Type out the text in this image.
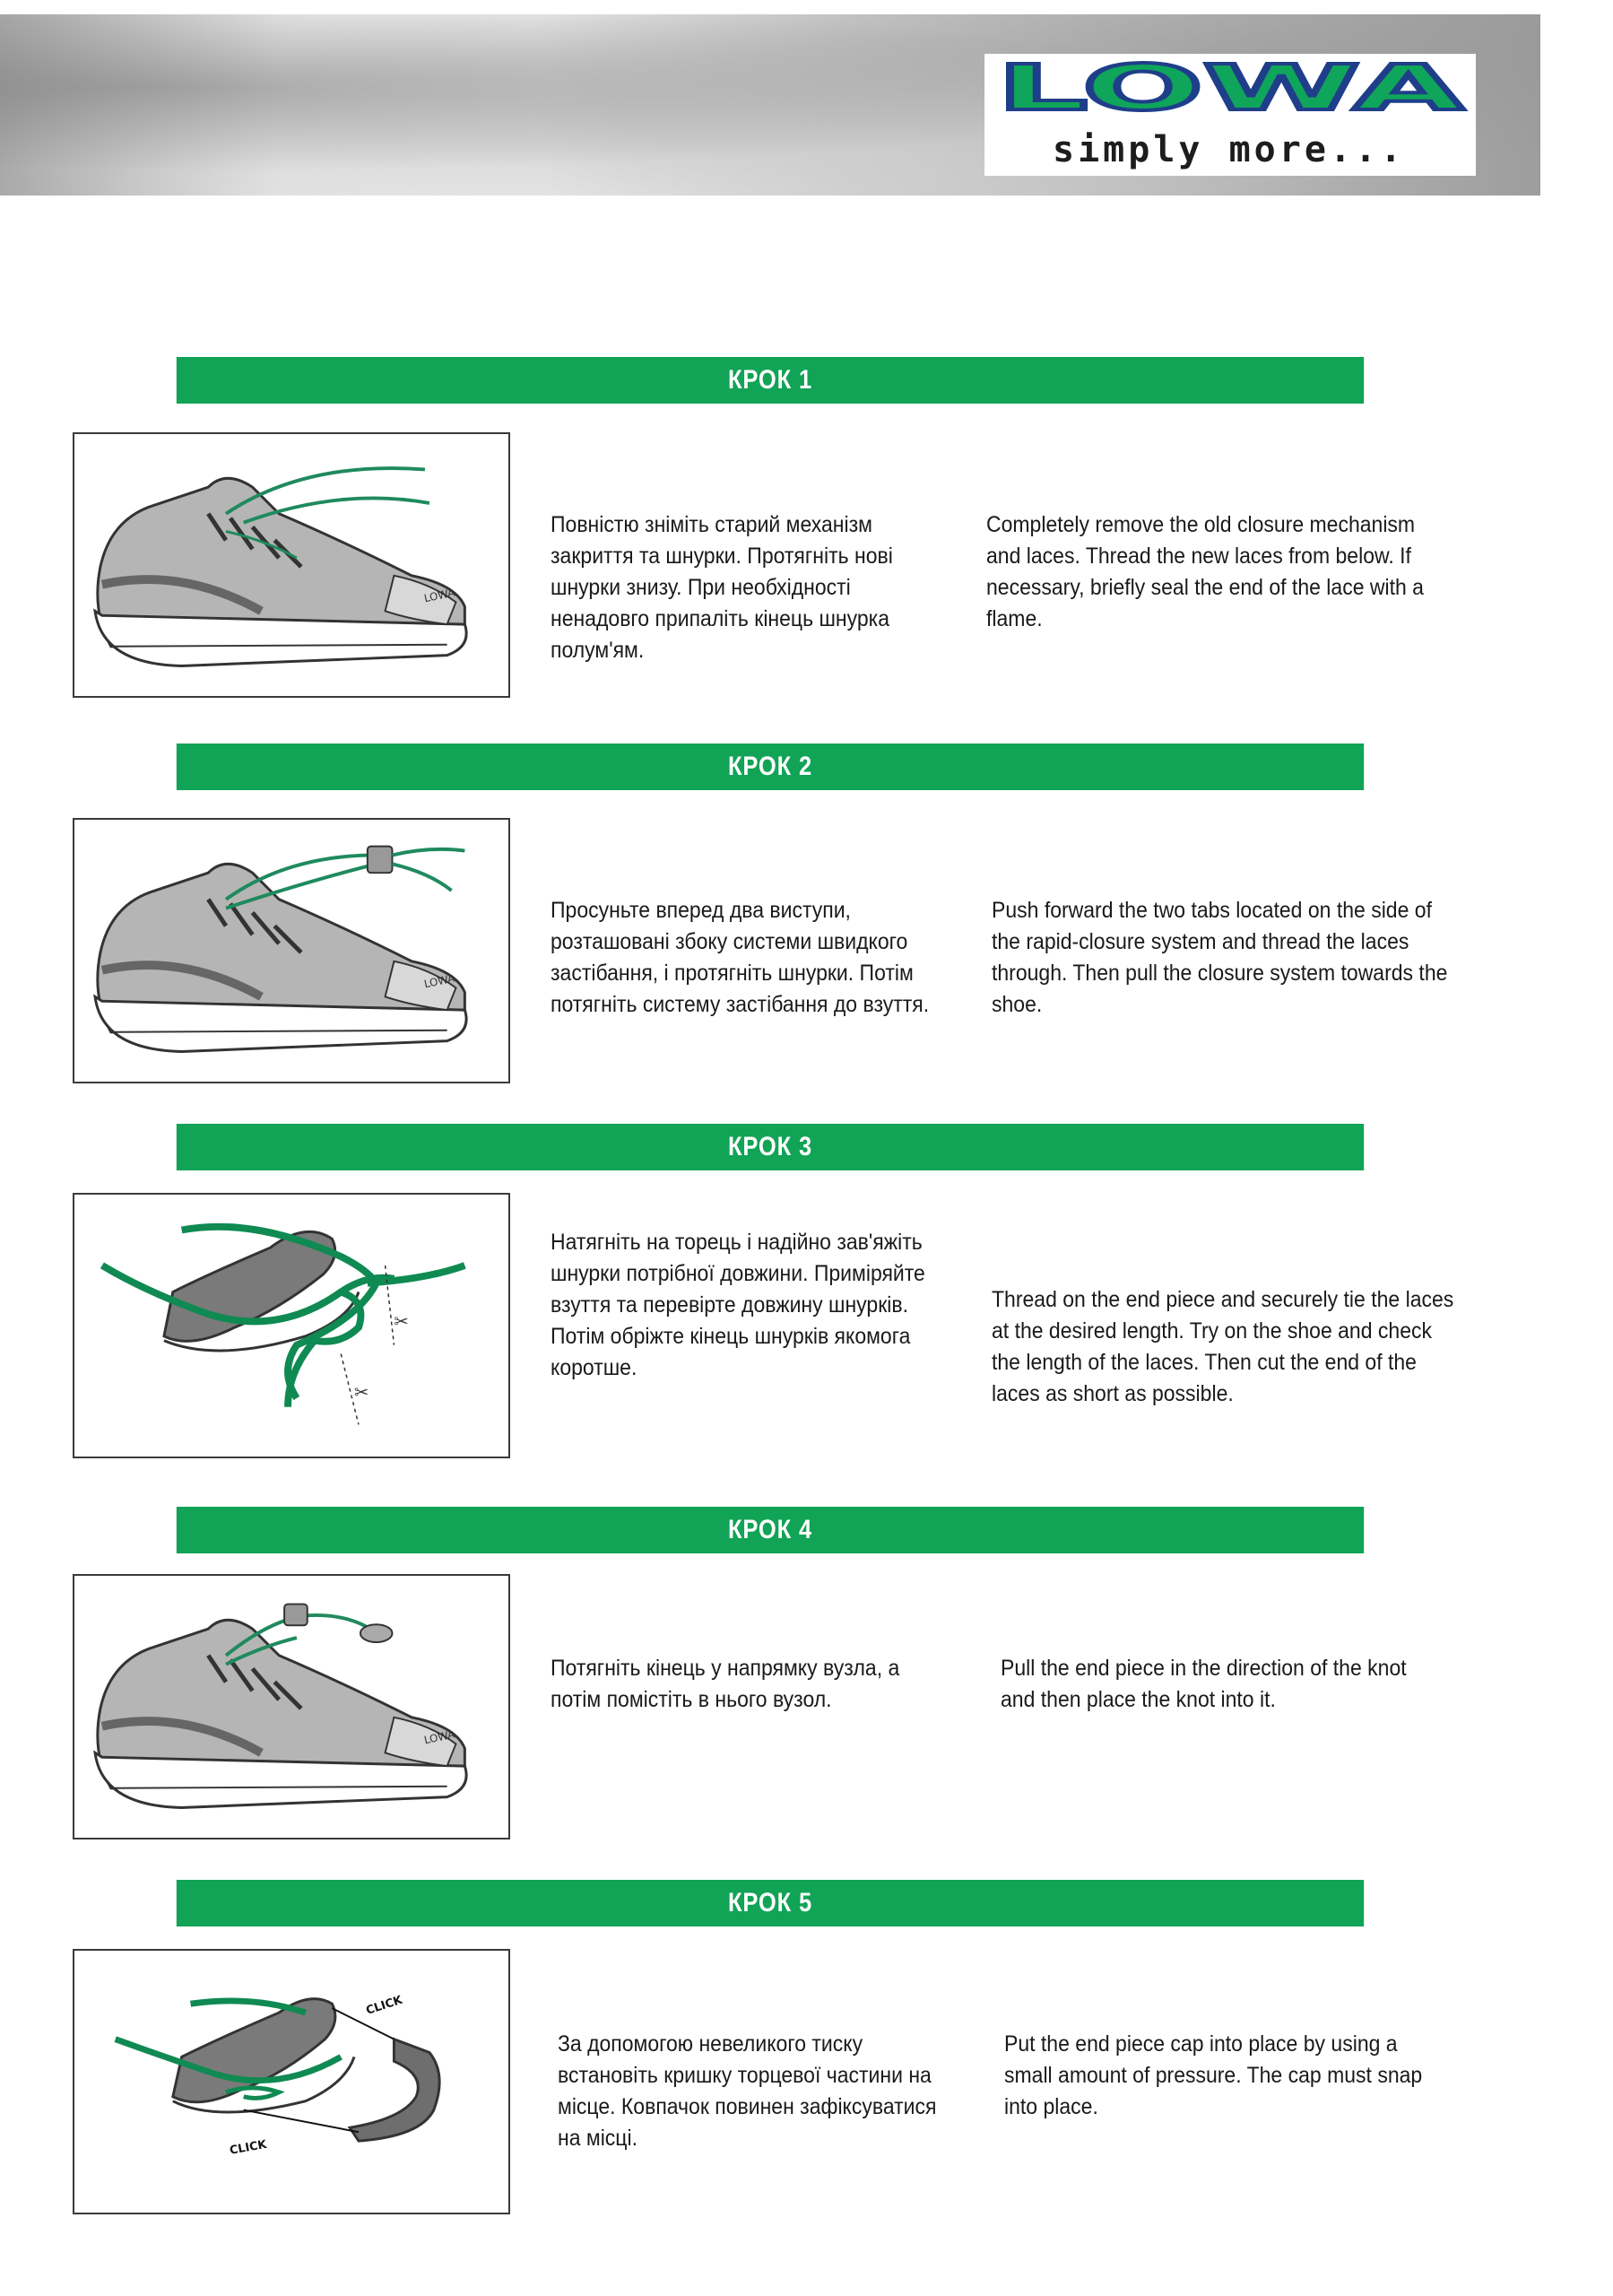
LOWA
simply more...
КРОК 1
LOWA
Повністю зніміть старий механізм закриття та шнурки. Протягніть нові шнурки знизу. При необхідності ненадовго припаліть кінець шнурка полум'ям.
Completely remove the old closure mechanism and laces. Thread the new laces from below. If necessary, briefly seal the end of the lace with a flame.
КРОК 2
LOWA
Просуньте вперед два виступи, розташовані збоку системи швидкого застібання, і протягніть шнурки. Потім потягніть систему застібання до взуття.
Push forward the two tabs located on the side of the rapid-closure system and thread the laces through. Then pull the closure system towards the shoe.
КРОК 3
✂
✂
Натягніть на торець і надійно зав'яжіть шнурки потрібної довжини. Приміряйте взуття та перевірте довжину шнурків. Потім обріжте кінець шнурків якомога коротше.
Thread on the end piece and securely tie the laces at the desired length. Try on the shoe and check the length of the laces. Then cut the end of the laces as short as possible.
КРОК 4
LOWA
Потягніть кінець у напрямку вузла, а потім помістіть в нього вузол.
Pull the end piece in the direction of the knot and then place the knot into it.
КРОК 5
CLICK
CLICK
За допомогою невеликого тиску встановіть кришку торцевої частини на місце. Ковпачок повинен зафіксуватися на місці.
Put the end piece cap into place by using a small amount of pressure. The cap must snap into place.
